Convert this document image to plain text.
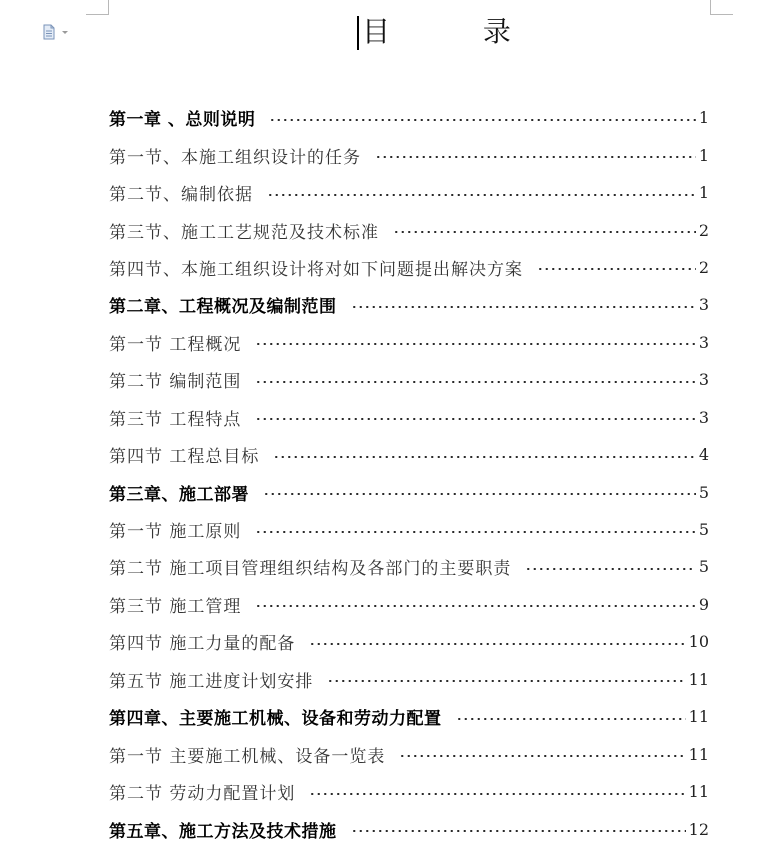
目 录
第一章 、总则说明	1
第一节、本施工组织设计的任务	1
第二节、编制依据	1
第三节、施工工艺规范及技术标准	2
第四节、本施工组织设计将对如下问题提出解决方案	2
第二章、工程概况及编制范围	3
第一节 工程概况	3
第二节 编制范围	3
第三节 工程特点	3
第四节 工程总目标	4
第三章、施工部署	5
第一节 施工原则	5
第二节 施工项目管理组织结构及各部门的主要职责	5
第三节 施工管理	9
第四节 施工力量的配备	10
第五节 施工进度计划安排	11
第四章、主要施工机械、设备和劳动力配置	11
第一节 主要施工机械、设备一览表	11
第二节 劳动力配置计划	11
第五章、施工方法及技术措施	12
